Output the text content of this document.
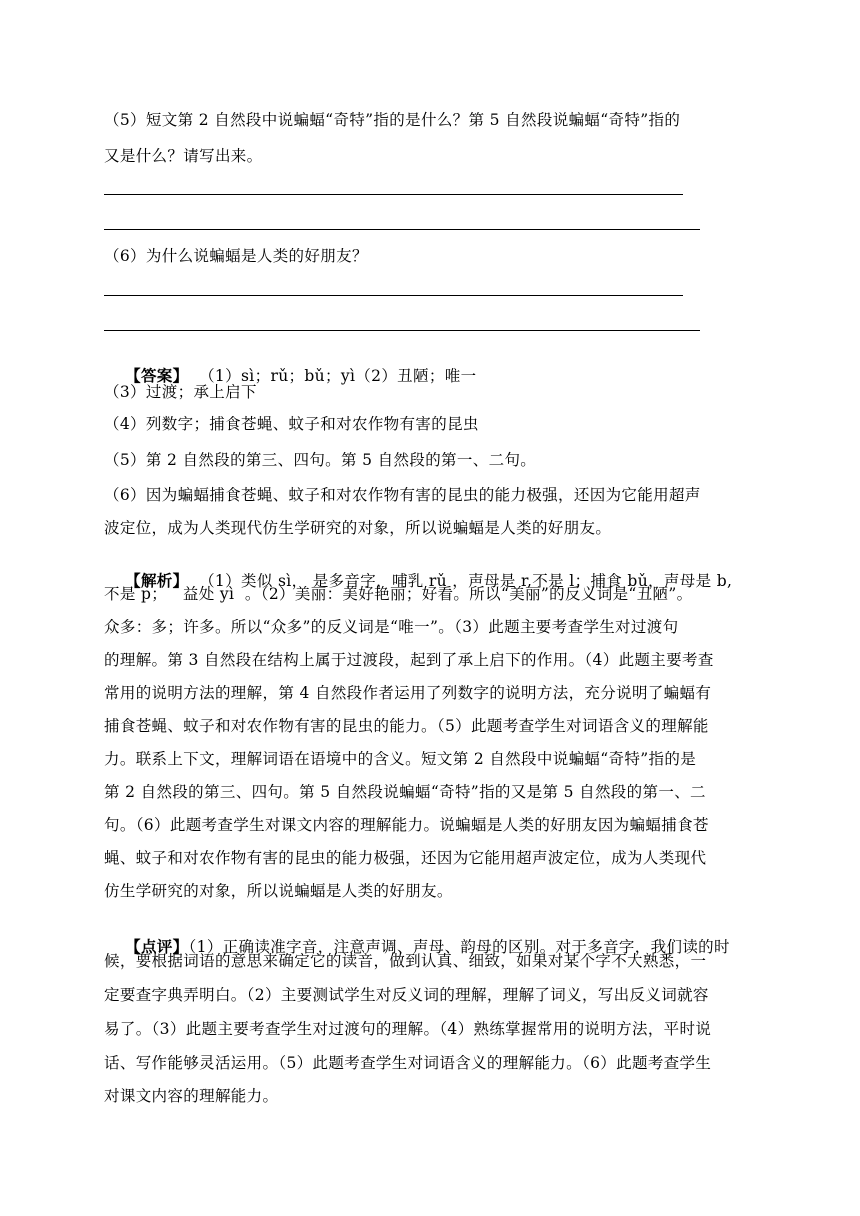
（5）短文第 2 自然段中说蝙蝠“奇特”指的是什么？第 5 自然段说蝙蝠“奇特”指的
又是什么？请写出来。
（6）为什么说蝙蝠是人类的好朋友？

【答案】  （1）sì；rǔ；bǔ；yì（2）丑陋；唯一

（3）过渡；承上启下
（4）列数字；捕食苍蝇、蚊子和对农作物有害的昆虫
（5）第 2 自然段的第三、四句。第 5 自然段的第一、二句。
（6）因为蝙蝠捕食苍蝇、蚊子和对农作物有害的昆虫的能力极强，还因为它能用超声
波定位，成为人类现代仿生学研究的对象，所以说蝙蝠是人类的好朋友。

【解析】  （1）类似 sì， 是多音字，哺乳 rǔ ，声母是 r,不是 l；捕食 bǔ，声母是 b,

不是 p；   益处 yì  。（2）美丽：美好艳丽；好看。所以“美丽”的反义词是“丑陋”。
众多：多；许多。所以“众多”的反义词是“唯一”。（3）此题主要考查学生对过渡句
的理解。第 3 自然段在结构上属于过渡段，起到了承上启下的作用。（4）此题主要考查
常用的说明方法的理解，第 4 自然段作者运用了列数字的说明方法，充分说明了蝙蝠有
捕食苍蝇、蚊子和对农作物有害的昆虫的能力。（5）此题考查学生对词语含义的理解能
力。联系上下文，理解词语在语境中的含义。短文第 2 自然段中说蝙蝠“奇特”指的是
第 2 自然段的第三、四句。第 5 自然段说蝙蝠“奇特”指的又是第 5 自然段的第一、二
句。（6）此题考查学生对课文内容的理解能力。说蝙蝠是人类的好朋友因为蝙蝠捕食苍
蝇、蚊子和对农作物有害的昆虫的能力极强，还因为它能用超声波定位，成为人类现代
仿生学研究的对象，所以说蝙蝠是人类的好朋友。

【点评】（1）正确读准字音，注意声调、声母、韵母的区别。对于多音字，我们读的时

候，要根据词语的意思来确定它的读音，做到认真、细致，如果对某个字不大熟悉，一
定要查字典弄明白。（2）主要测试学生对反义词的理解，理解了词义，写出反义词就容
易了。（3）此题主要考查学生对过渡句的理解。（4）熟练掌握常用的说明方法，平时说
话、写作能够灵活运用。（5）此题考查学生对词语含义的理解能力。（6）此题考查学生
对课文内容的理解能力。
